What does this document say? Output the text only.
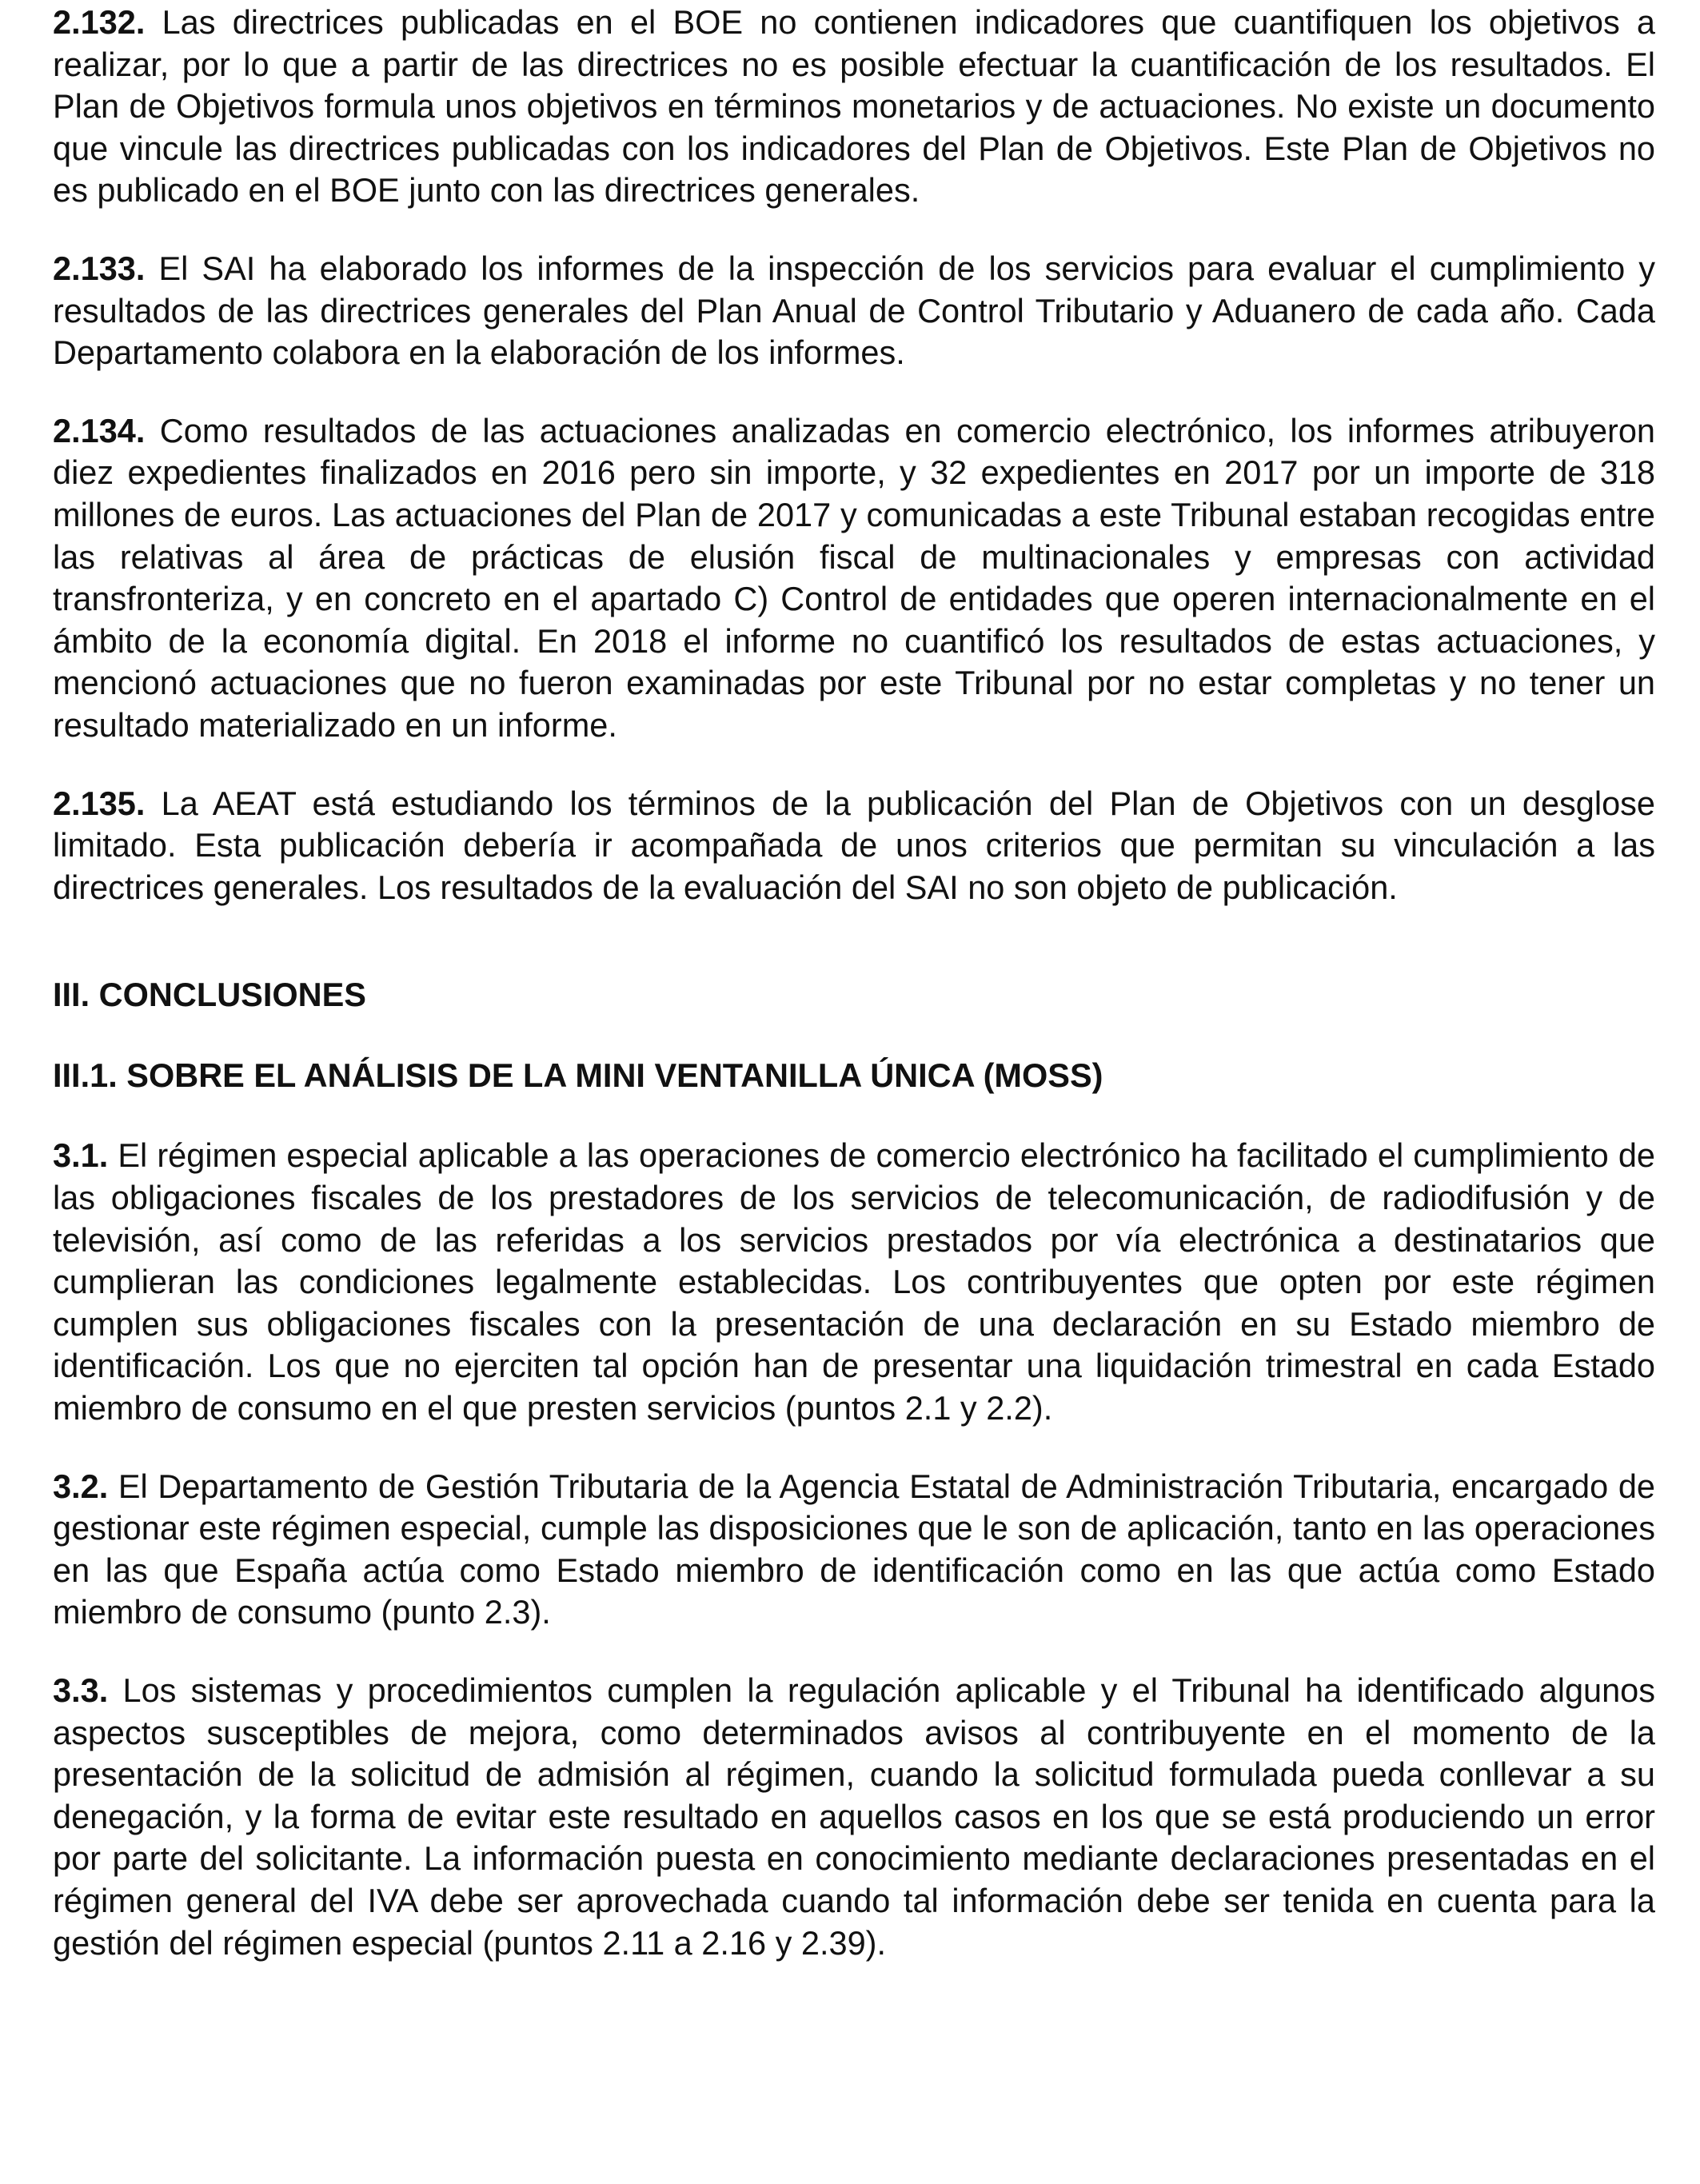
2.132. Las directrices publicadas en el BOE no contienen indicadores que cuantifiquen los objetivos a realizar, por lo que a partir de las directrices no es posible efectuar la cuantificación de los resultados. El Plan de Objetivos formula unos objetivos en términos monetarios y de actuaciones. No existe un documento que vincule las directrices publicadas con los indicadores del Plan de Objetivos. Este Plan de Objetivos no es publicado en el BOE junto con las directrices generales.

2.133. El SAI ha elaborado los informes de la inspección de los servicios para evaluar el cumplimiento y resultados de las directrices generales del Plan Anual de Control Tributario y Aduanero de cada año. Cada Departamento colabora en la elaboración de los informes.

2.134. Como resultados de las actuaciones analizadas en comercio electrónico, los informes atribuyeron diez expedientes finalizados en 2016 pero sin importe, y 32 expedientes en 2017 por un importe de 318 millones de euros. Las actuaciones del Plan de 2017 y comunicadas a este Tribunal estaban recogidas entre las relativas al área de prácticas de elusión fiscal de multinacionales y empresas con actividad transfronteriza, y en concreto en el apartado C) Control de entidades que operen internacionalmente en el ámbito de la economía digital. En 2018 el informe no cuantificó los resultados de estas actuaciones, y mencionó actuaciones que no fueron examinadas por este Tribunal por no estar completas y no tener un resultado materializado en un informe.

2.135. La AEAT está estudiando los términos de la publicación del Plan de Objetivos con un desglose limitado. Esta publicación debería ir acompañada de unos criterios que permitan su vinculación a las directrices generales. Los resultados de la evaluación del SAI no son objeto de publicación.

III. CONCLUSIONES
III.1. SOBRE EL ANÁLISIS DE LA MINI VENTANILLA ÚNICA (MOSS)

3.1. El régimen especial aplicable a las operaciones de comercio electrónico ha facilitado el cumplimiento de las obligaciones fiscales de los prestadores de los servicios de telecomunicación, de radiodifusión y de televisión, así como de las referidas a los servicios prestados por vía electrónica a destinatarios que cumplieran las condiciones legalmente establecidas. Los contribuyentes que opten por este régimen cumplen sus obligaciones fiscales con la presentación de una declaración en su Estado miembro de identificación. Los que no ejerciten tal opción han de presentar una liquidación trimestral en cada Estado miembro de consumo en el que presten servicios (puntos 2.1 y 2.2).

3.2. El Departamento de Gestión Tributaria de la Agencia Estatal de Administración Tributaria, encargado de gestionar este régimen especial, cumple las disposiciones que le son de aplicación, tanto en las operaciones en las que España actúa como Estado miembro de identificación como en las que actúa como Estado miembro de consumo (punto 2.3).

3.3. Los sistemas y procedimientos cumplen la regulación aplicable y el Tribunal ha identificado algunos aspectos susceptibles de mejora, como determinados avisos al contribuyente en el momento de la presentación de la solicitud de admisión al régimen, cuando la solicitud formulada pueda conllevar a su denegación, y la forma de evitar este resultado en aquellos casos en los que se está produciendo un error por parte del solicitante. La información puesta en conocimiento mediante declaraciones presentadas en el régimen general del IVA debe ser aprovechada cuando tal información debe ser tenida en cuenta para la gestión del régimen especial (puntos 2.11 a 2.16 y 2.39).
